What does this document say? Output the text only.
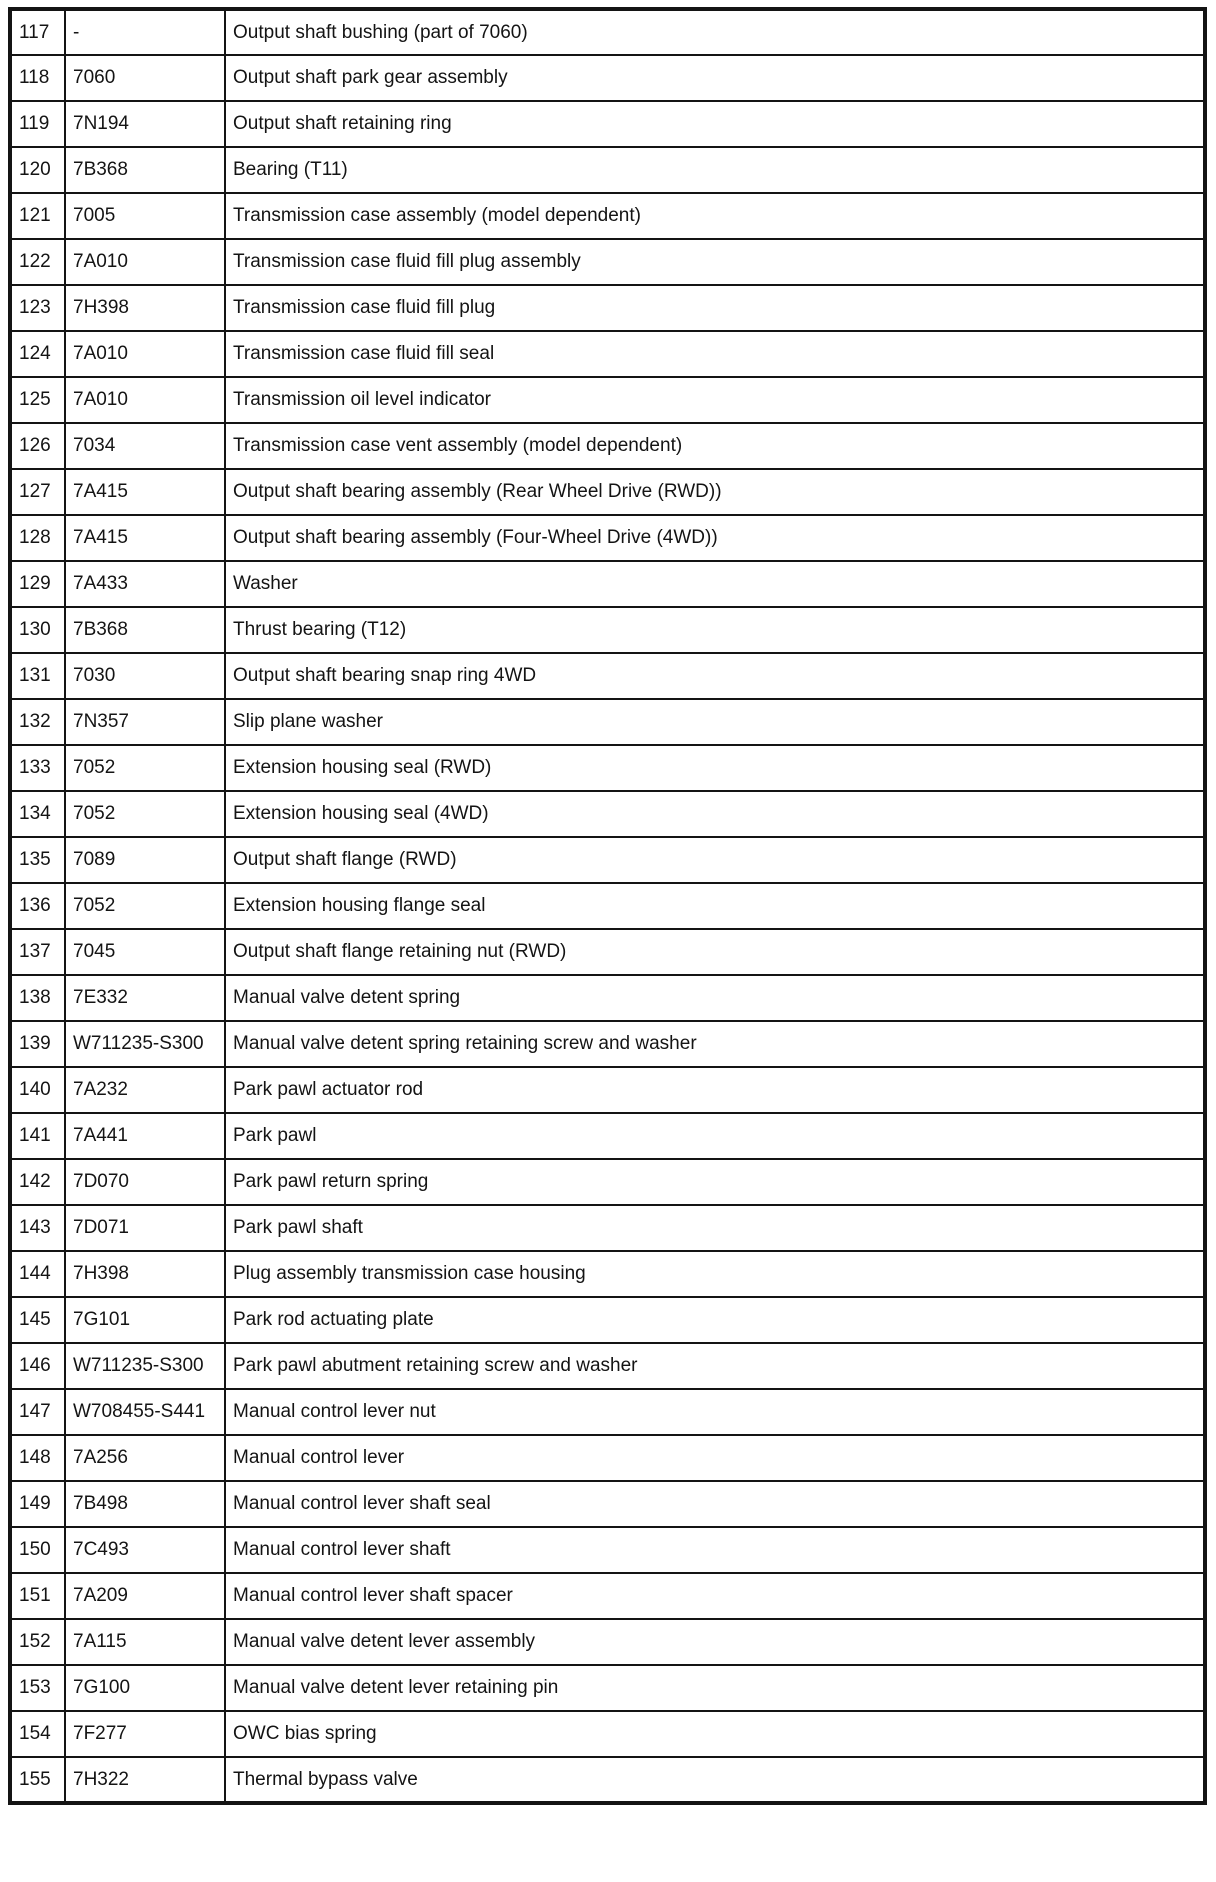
117	-	Output shaft bushing (part of 7060)
118	7060	Output shaft park gear assembly
119	7N194	Output shaft retaining ring
120	7B368	Bearing (T11)
121	7005	Transmission case assembly (model dependent)
122	7A010	Transmission case fluid fill plug assembly
123	7H398	Transmission case fluid fill plug
124	7A010	Transmission case fluid fill seal
125	7A010	Transmission oil level indicator
126	7034	Transmission case vent assembly (model dependent)
127	7A415	Output shaft bearing assembly (Rear Wheel Drive (RWD))
128	7A415	Output shaft bearing assembly (Four-Wheel Drive (4WD))
129	7A433	Washer
130	7B368	Thrust bearing (T12)
131	7030	Output shaft bearing snap ring 4WD
132	7N357	Slip plane washer
133	7052	Extension housing seal (RWD)
134	7052	Extension housing seal (4WD)
135	7089	Output shaft flange (RWD)
136	7052	Extension housing flange seal
137	7045	Output shaft flange retaining nut (RWD)
138	7E332	Manual valve detent spring
139	W711235-S300	Manual valve detent spring retaining screw and washer
140	7A232	Park pawl actuator rod
141	7A441	Park pawl
142	7D070	Park pawl return spring
143	7D071	Park pawl shaft
144	7H398	Plug assembly transmission case housing
145	7G101	Park rod actuating plate
146	W711235-S300	Park pawl abutment retaining screw and washer
147	W708455-S441	Manual control lever nut
148	7A256	Manual control lever
149	7B498	Manual control lever shaft seal
150	7C493	Manual control lever shaft
151	7A209	Manual control lever shaft spacer
152	7A115	Manual valve detent lever assembly
153	7G100	Manual valve detent lever retaining pin
154	7F277	OWC bias spring
155	7H322	Thermal bypass valve
